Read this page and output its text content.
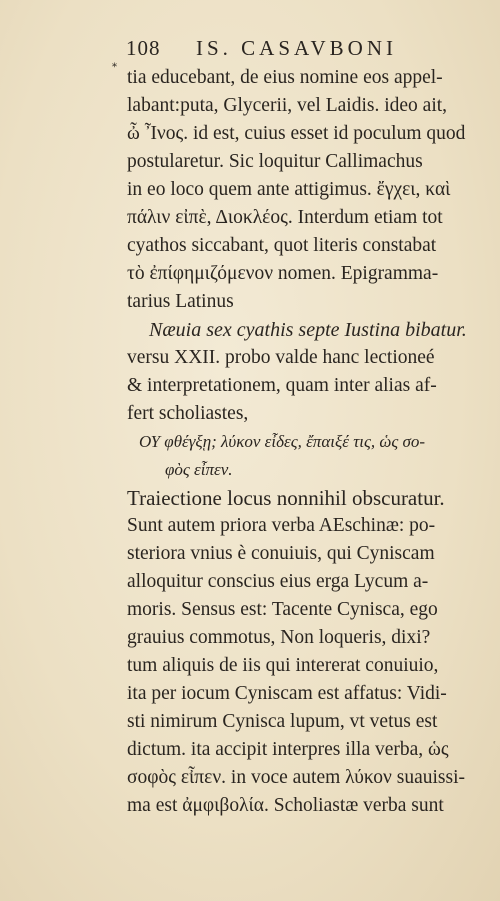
108 IS. CASAVBONI
* tia educebant, de eius nomine eos appel-
labant:puta, Glycerii, vel Laidis. ideo ait,
ὦ Ἶνος. id est, cuius esset id poculum quod
postularetur. Sic loquitur Callimachus
in eo loco quem ante attigimus. ἔγχει, καὶ
πάλιν εἰπὲ, Διοκλέος. Interdum etiam tot
cyathos siccabant, quot literis constabat
τὸ ἐπίφημιζόμενον nomen. Epigramma-
tarius Latinus
Næuia sex cyathis septe Iustina bibatur.
versu XXII. probo valde hanc lectioneé
& interpretationem, quam inter alias af-
fert scholiastes,
ΟΥ φθέγξῃ; λύκον εἶδες, ἔπαιξέ τις, ὡς σο-
φὸς εἶπεν.
Traiectione locus nonnihil obscuratur.
Sunt autem priora verba AEschinæ: po-
steriora vnius è conuiuis, qui Cyniscam
alloquitur conscius eius erga Lycum a-
moris. Sensus est: Tacente Cynisca, ego
grauius commotus, Non loqueris, dixi?
tum aliquis de iis qui intererat conuiuio,
ita per iocum Cyniscam est affatus: Vidi-
sti nimirum Cynisca lupum, vt vetus est
dictum. ita accipit interpres illa verba, ὡς
σοφὸς εἶπεν. in voce autem λύκον suauissi-
ma est ἀμφιβολία. Scholiastæ verba sunt
